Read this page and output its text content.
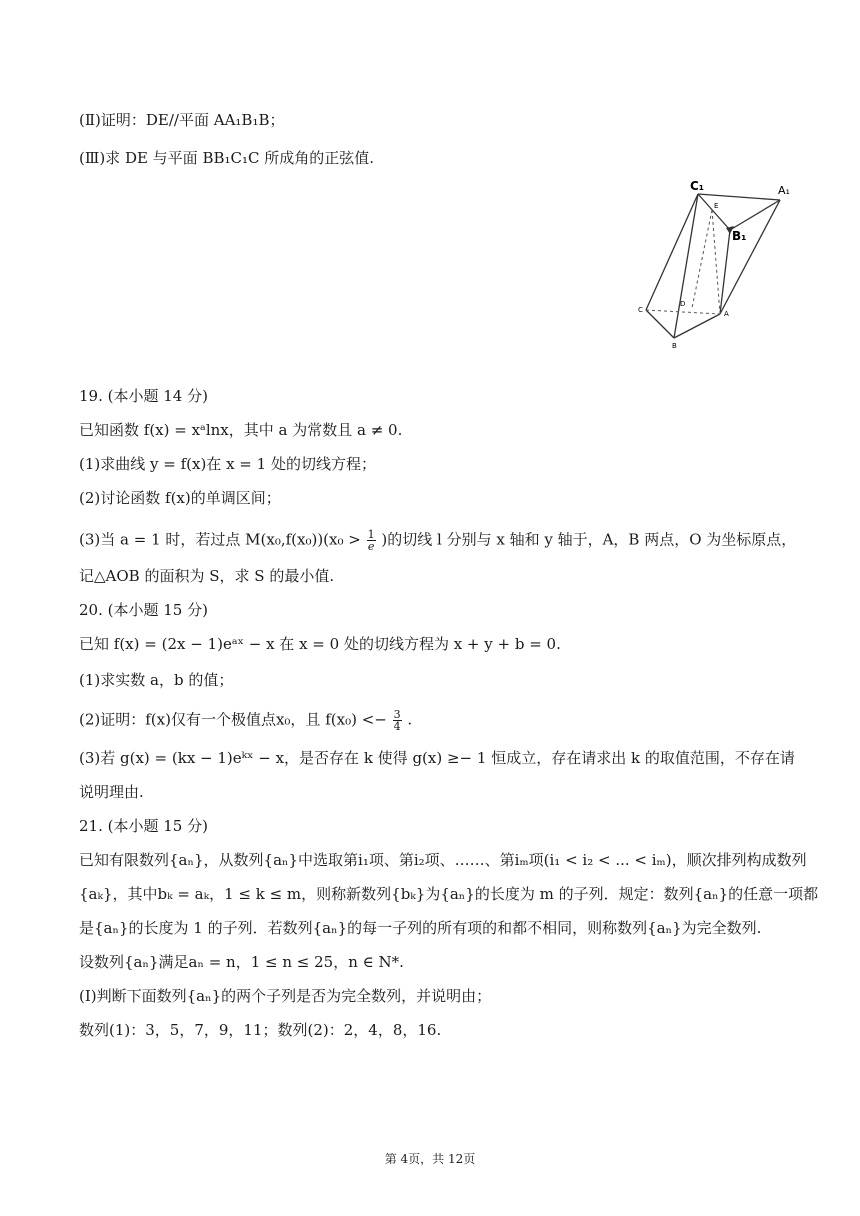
(Ⅱ)证明：DE//平面 AA₁B₁B；
(Ⅲ)求 DE 与平面 BB₁C₁C 所成角的正弦值.
C₁	A₁
B₁
E
D
C	A
B
19. (本小题 14 分)
已知函数 f(x) = xᵃlnx，其中 a 为常数且 a ≠ 0.
(1)求曲线 y = f(x)在 x = 1 处的切线方程；
(2)讨论函数 f(x)的单调区间；
(3)当 a = 1 时，若过点 $M(x_0,f(x_0))(x_0 > \frac{1}{e}$ )的切线 l 分别与 x 轴和 y 轴于，A，B 两点，O 为坐标原点，
记△AOB 的面积为 S，求 S 的最小值.
20. (本小题 15 分)
已知 f(x) = (2x − 1)eᵃˣ − x 在 x = 0 处的切线方程为 x + y + b = 0.
(1)求实数 a，b 的值；
(2)证明：f(x)仅有一个极值点x₀，且 $f(x_0) <- \frac{3}{4}$ .
(3)若 g(x) = (kx − 1)eᵏˣ − x，是否存在 k 使得 g(x) ≥− 1 恒成立，存在请求出 k 的取值范围，不存在请
说明理由.
21. (本小题 15 分)
已知有限数列{aₙ}，从数列{aₙ}中选取第i₁项、第i₂项、……、第iₘ项(i₁ < i₂ < ... < iₘ)，顺次排列构成数列
{aₖ}，其中bₖ = aₖ，1 ≤ k ≤ m，则称新数列{bₖ}为{aₙ}的长度为 m 的子列．规定：数列{aₙ}的任意一项都
是{aₙ}的长度为 1 的子列．若数列{aₙ}的每一子列的所有项的和都不相同，则称数列{aₙ}为完全数列.
设数列{aₙ}满足aₙ = n，1 ≤ n ≤ 25，n ∈ N*.
(Ⅰ)判断下面数列{aₙ}的两个子列是否为完全数列，并说明由；
数列(1)：3，5，7，9，11；数列(2)：2，4，8，16.
第 4页，共 12页
